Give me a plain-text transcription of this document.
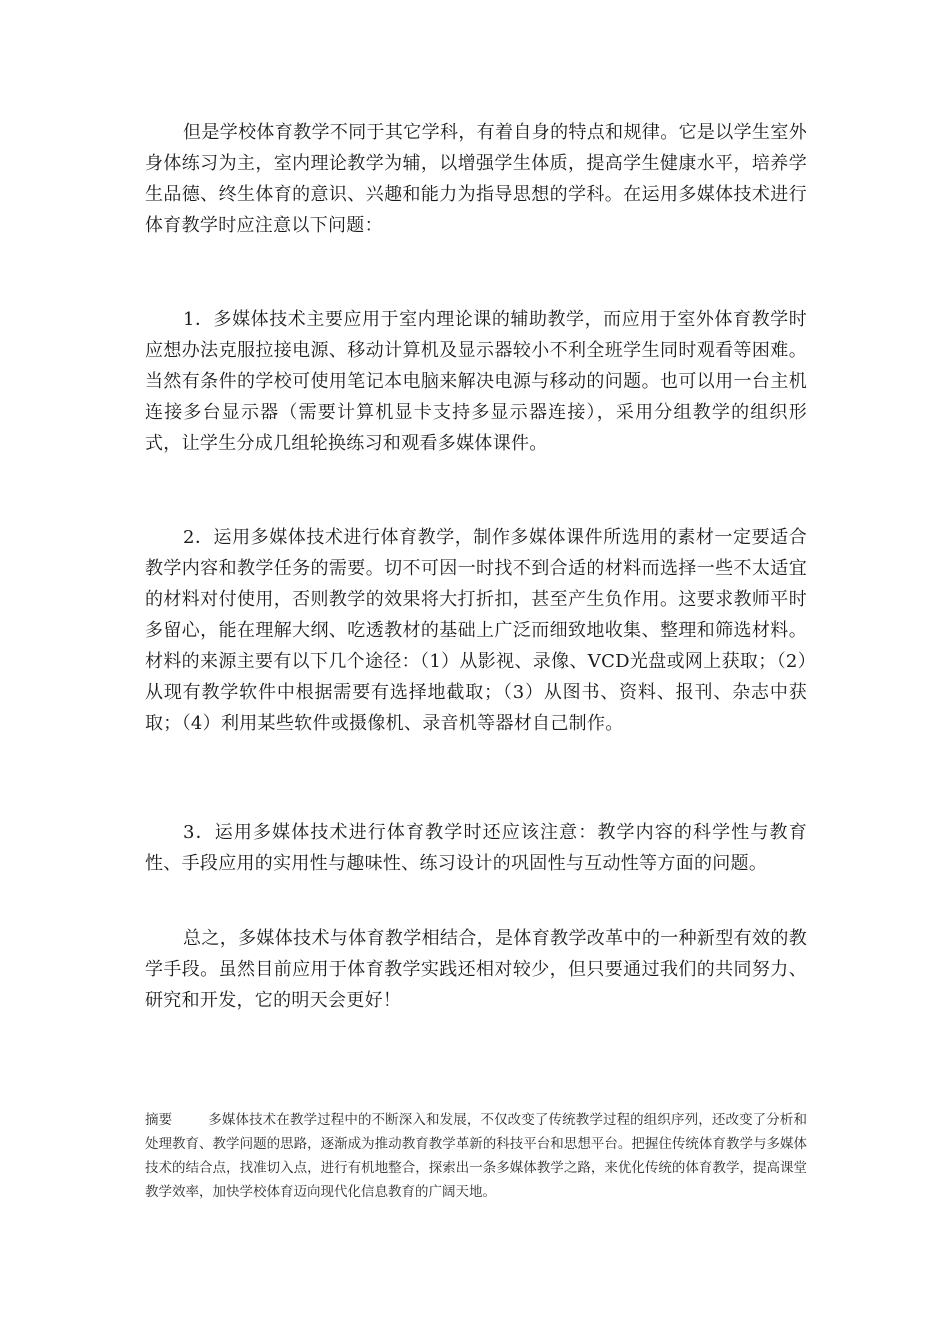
但是学校体育教学不同于其它学科，有着自身的特点和规律。它是以学生室外身体练习为主，室内理论教学为辅，以增强学生体质，提高学生健康水平，培养学生品德、终生体育的意识、兴趣和能力为指导思想的学科。在运用多媒体技术进行体育教学时应注意以下问题：

1．多媒体技术主要应用于室内理论课的辅助教学，而应用于室外体育教学时应想办法克服拉接电源、移动计算机及显示器较小不利全班学生同时观看等困难。当然有条件的学校可使用笔记本电脑来解决电源与移动的问题。也可以用一台主机连接多台显示器（需要计算机显卡支持多显示器连接），采用分组教学的组织形式，让学生分成几组轮换练习和观看多媒体课件。

2．运用多媒体技术进行体育教学，制作多媒体课件所选用的素材一定要适合教学内容和教学任务的需要。切不可因一时找不到合适的材料而选择一些不太适宜的材料对付使用，否则教学的效果将大打折扣，甚至产生负作用。这要求教师平时多留心，能在理解大纲、吃透教材的基础上广泛而细致地收集、整理和筛选材料。材料的来源主要有以下几个途径：（1）从影视、录像、VCD光盘或网上获取；（2）从现有教学软件中根据需要有选择地截取；（3）从图书、资料、报刊、杂志中获取；（4）利用某些软件或摄像机、录音机等器材自己制作。

3．运用多媒体技术进行体育教学时还应该注意：教学内容的科学性与教育性、手段应用的实用性与趣味性、练习设计的巩固性与互动性等方面的问题。

总之，多媒体技术与体育教学相结合，是体育教学改革中的一种新型有效的教学手段。虽然目前应用于体育教学实践还相对较少，但只要通过我们的共同努力、研究和开发，它的明天会更好！

摘要	多媒体技术在教学过程中的不断深入和发展，不仅改变了传统教学过程的组织序列，还改变了分析和处理教育、教学问题的思路，逐渐成为推动教育教学革新的科技平台和思想平台。把握住传统体育教学与多媒体技术的结合点，找准切入点，进行有机地整合，探索出一条多媒体教学之路，来优化传统的体育教学，提高课堂教学效率，加快学校体育迈向现代化信息教育的广阔天地。
